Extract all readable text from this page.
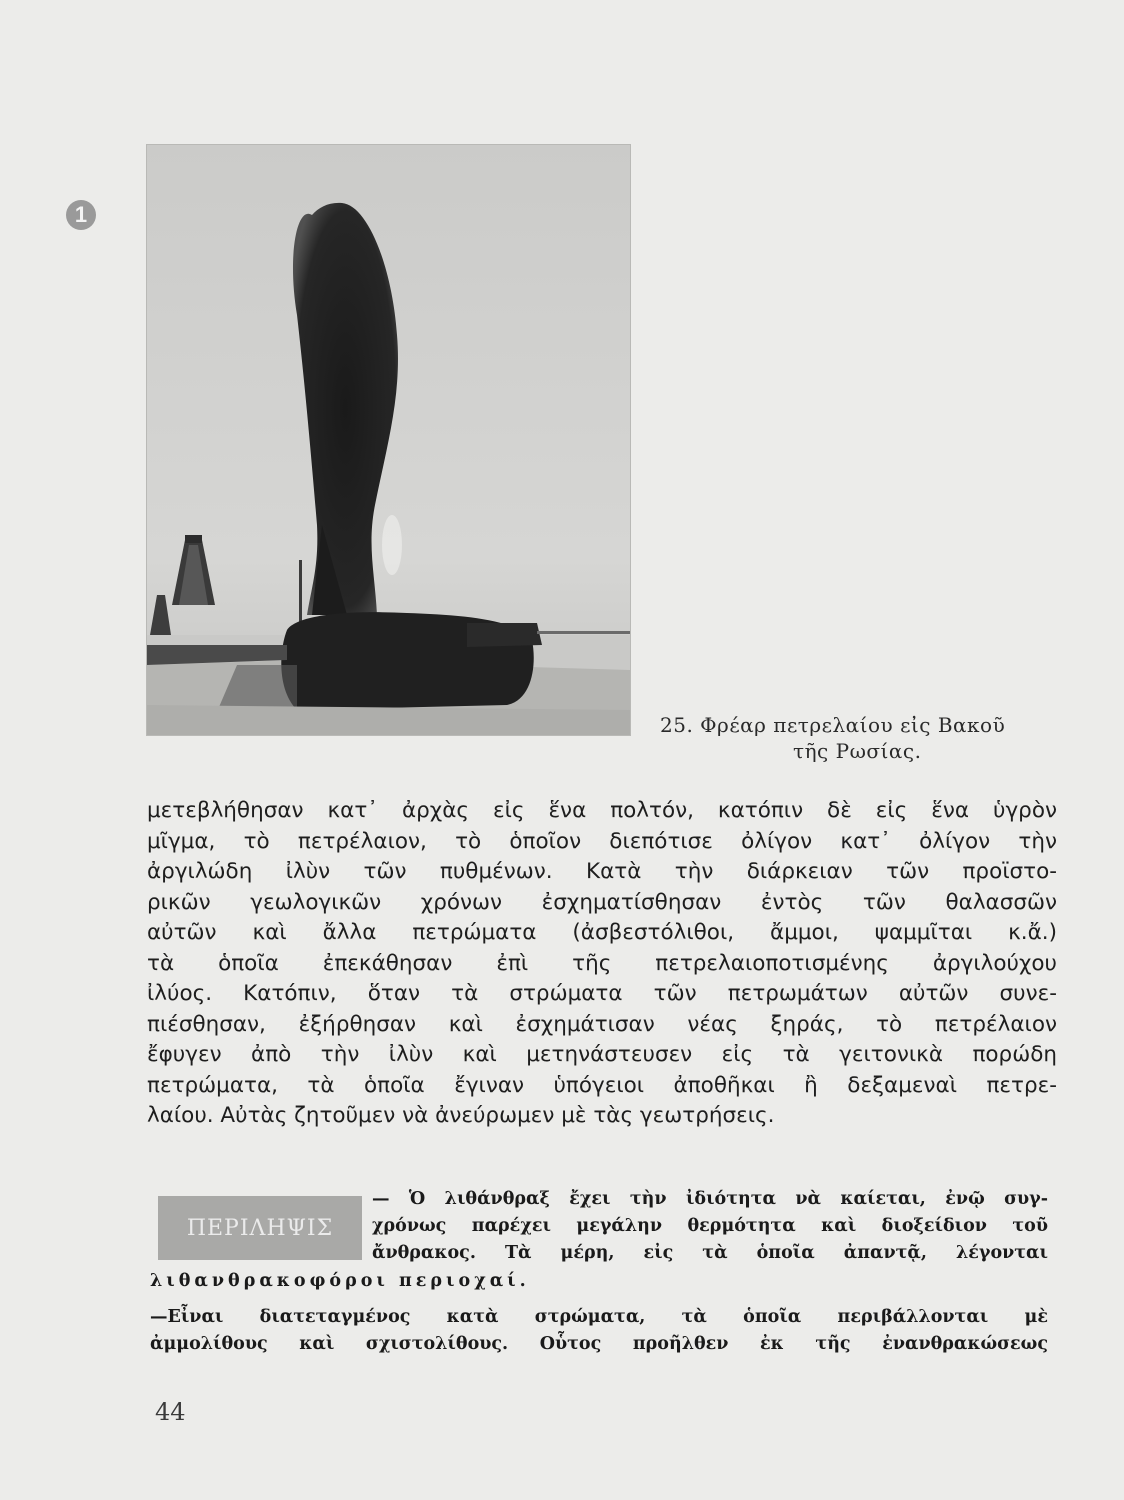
1
25. Φρέαρ πετρελαίου εἰς Βακοῦ
τῆς Ρωσίας.
μετεβλήθησαν κατ᾿ ἀρχὰς εἰς ἕνα πολτόν, κατόπιν δὲ εἰς ἕνα ὑγρὸν
μῖγμα, τὸ πετρέλαιον, τὸ ὁποῖον διεπότισε ὀλίγον κατ᾿ ὀλίγον τὴν
ἀργιλώδη ἰλὺν τῶν πυθμένων. Κατὰ τὴν διάρκειαν τῶν προϊστο-
ρικῶν γεωλογικῶν χρόνων ἐσχηματίσθησαν ἐντὸς τῶν θαλασσῶν
αὐτῶν καὶ ἄλλα πετρώματα (ἀσβεστόλιθοι, ἄμμοι, ψαμμῖται κ.ἄ.)
τὰ ὁποῖα ἐπεκάθησαν ἐπὶ τῆς πετρελαιοποτισμένης ἀργιλούχου
ἰλύος. Κατόπιν, ὅταν τὰ στρώματα τῶν πετρωμάτων αὐτῶν συνε-
πιέσθησαν, ἐξήρθησαν καὶ ἐσχημάτισαν νέας ξηράς, τὸ πετρέλαιον
ἔφυγεν ἀπὸ τὴν ἰλὺν καὶ μετηνάστευσεν εἰς τὰ γειτονικὰ πορώδη
πετρώματα, τὰ ὁποῖα ἔγιναν ὑπόγειοι ἀποθῆκαι ἢ δεξαμεναὶ πετρε-
λαίου. Αὐτὰς ζητοῦμεν νὰ ἀνεύρωμεν μὲ τὰς γεωτρήσεις.
ΠΕΡΙΛΗΨΙΣ
— Ὁ λιθάνθραξ ἔχει τὴν ἰδιότητα νὰ καίεται, ἐνῷ συγ-
χρόνως παρέχει μεγάλην θερμότητα καὶ διοξείδιον τοῦ
ἄνθρακος. Τὰ μέρη, εἰς τὰ ὁποῖα ἀπαντᾷ, λέγονται
λιθανθρακοφόροι περιοχαί.
—Εἶναι διατεταγμένος κατὰ στρώματα, τὰ ὁποῖα περιβάλλονται μὲ
ἀμμολίθους καὶ σχιστολίθους. Οὗτος προῆλθεν ἐκ τῆς ἐνανθρακώσεως
44
